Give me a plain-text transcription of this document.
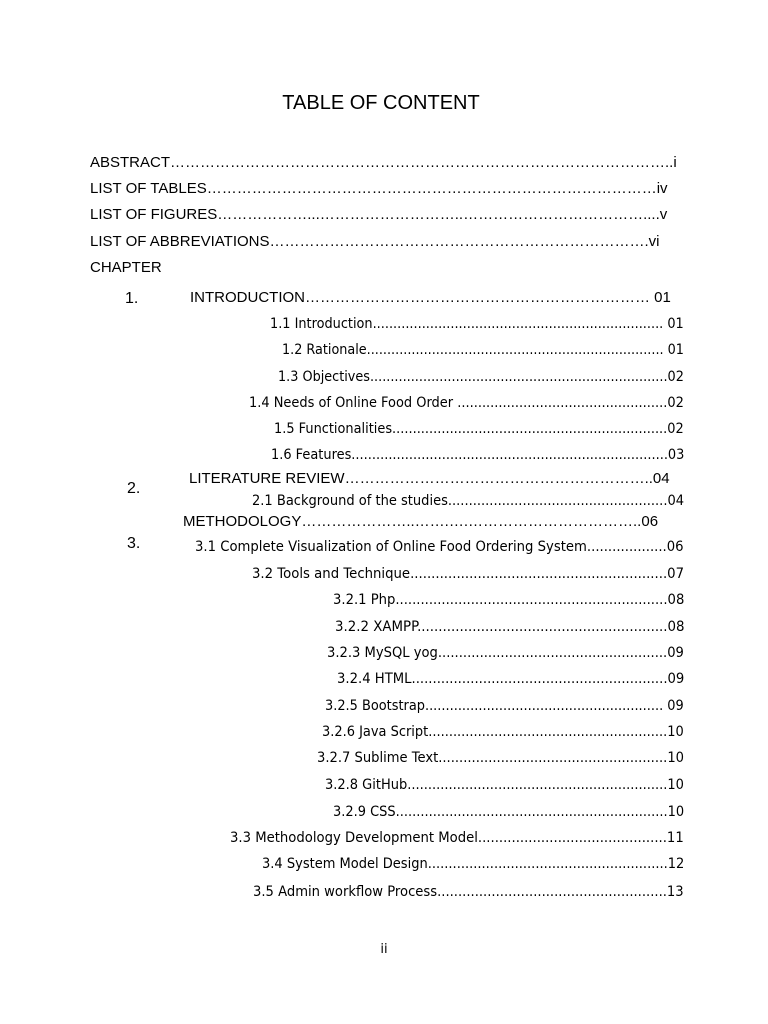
TABLE OF CONTENT
ABSTRACT………………………………………………………………………………………..i
LIST OF TABLES………………………………………………………………………………iv
LIST OF FIGURES………………...………………………..………………………………....v
LIST OF ABBREVIATIONS………………………………………………………………….vi
CHAPTER
1.	INTRODUCTION…………………………………………………………… 01
1.1 Introduction....................................................................... 01
1.2 Rationale......................................................................... 01
1.3 Objectives.........................................................................02
1.4 Needs of Online Food Order ...................................................02
1.5 Functionalities...................................................................02
1.6 Features.............................................................................03
LITERATURE REVIEW……………………………………………………..04
2.
2.1 Background of the studies.....................................................04
METHODOLOGY…………………..…….….……………………………..06
3.	3.1 Complete Visualization of Online Food Ordering System...................06
3.2 Tools and Technique.............................................................07
3.2.1 Php.................................................................08
3.2.2 XAMPP...........................................................08
3.2.3 MySQL yog.......................................................09
3.2.4 HTML.............................................................09
3.2.5 Bootstrap.......................................................... 09
3.2.6 Java Script..........................................................10
3.2.7 Sublime Text.......................................................10
3.2.8 GitHub...............................................................10
3.2.9 CSS..................................................................10
3.3 Methodology Development Model.............................................11
3.4 System Model Design..........................................................12
3.5 Admin workflow Process.......................................................13
ii
